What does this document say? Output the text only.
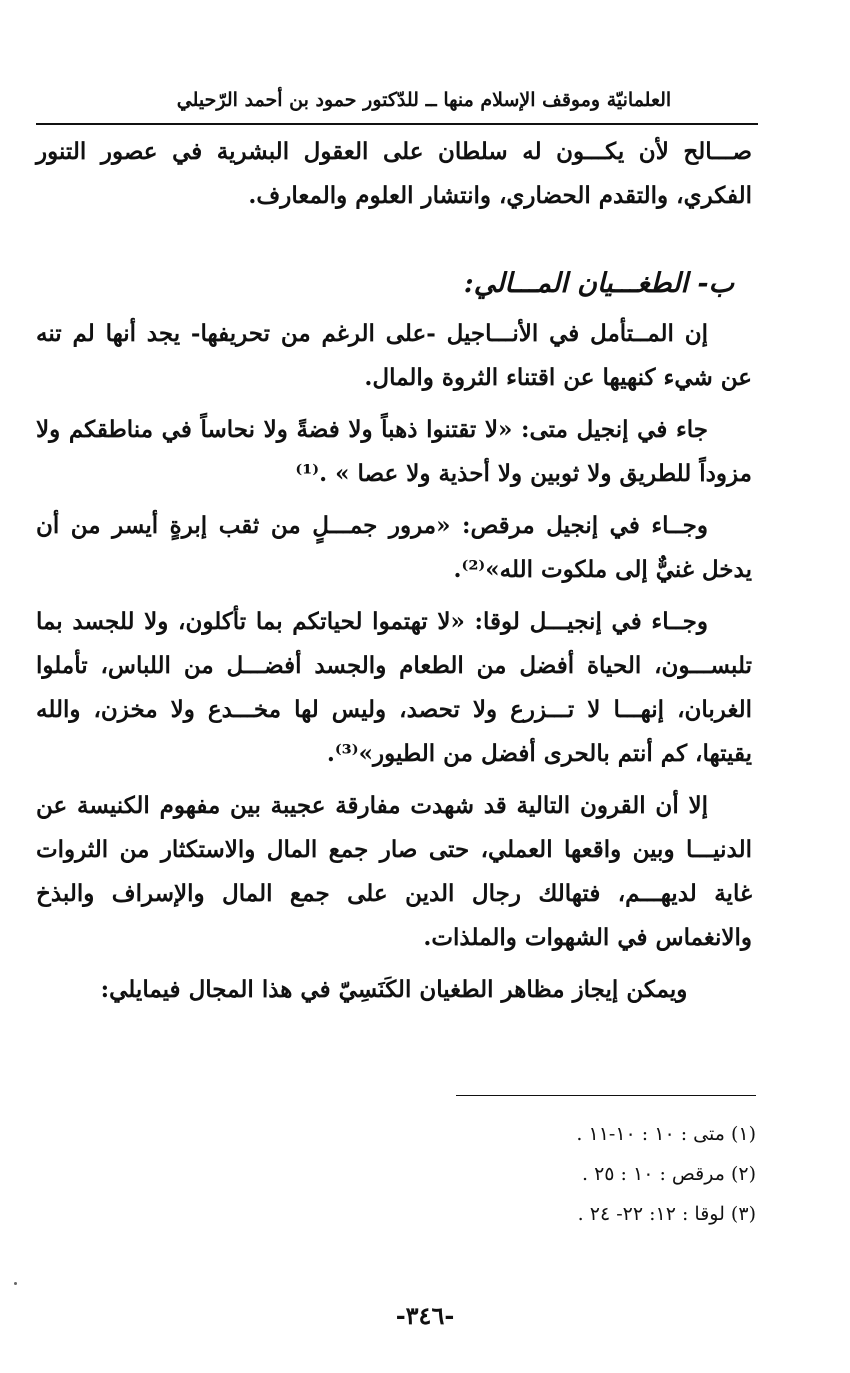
العلمانيّة وموقف الإسلام منها ــ للدّكتور حمود بن أحمد الرّحيلي

صـــالح لأن يكـــون له سلطان على العقول البشرية في عصور التنور الفكري، والتقدم الحضاري، وانتشار العلوم والمعارف.

ب- الطغـــيان المـــالي:

إن المــتأمل في الأنـــاجيل -على الرغم من تحريفها- يجد أنها لم تنه عن شيء كنهيها عن اقتناء الثروة والمال.

جاء في إنجيل متى: «لا تقتنوا ذهباً ولا فضةً ولا نحاساً في مناطقكم ولا مزوداً للطريق ولا ثوبين ولا أحذية ولا عصا » .⁽¹⁾

وجــاء في إنجيل مرقص: «مرور جمـــلٍ من ثقب إبرةٍ أيسر من أن يدخل غنيٌّ إلى ملكوت الله»⁽²⁾.

وجــاء في إنجيـــل لوقا: «لا تهتموا لحياتكم بما تأكلون، ولا للجسد بما تلبســـون، الحياة أفضل من الطعام والجسد أفضـــل من اللباس، تأملوا الغربان، إنهـــا لا تـــزرع ولا تحصد، وليس لها مخـــدع ولا مخزن، والله يقيتها، كم أنتم بالحرى أفضل من الطيور»⁽³⁾.

إلا أن القرون التالية قد شهدت مفارقة عجيبة بين مفهوم الكنيسة عن الدنيـــا وبين واقعها العملي، حتى صار جمع المال والاستكثار من الثروات غاية لديهـــم، فتهالك رجال الدين على جمع المال والإسراف والبذخ والانغماس في الشهوات والملذات.

ويمكن إيجاز مظاهر الطغيان الكَنَسِيّ في هذا المجال فيمايلي:

(١) متى : ١٠ : ١٠-١١ .

(٢) مرقص : ١٠ : ٢٥ .

(٣) لوقا : ١٢: ٢٢- ٢٤ .

-٣٤٦-
